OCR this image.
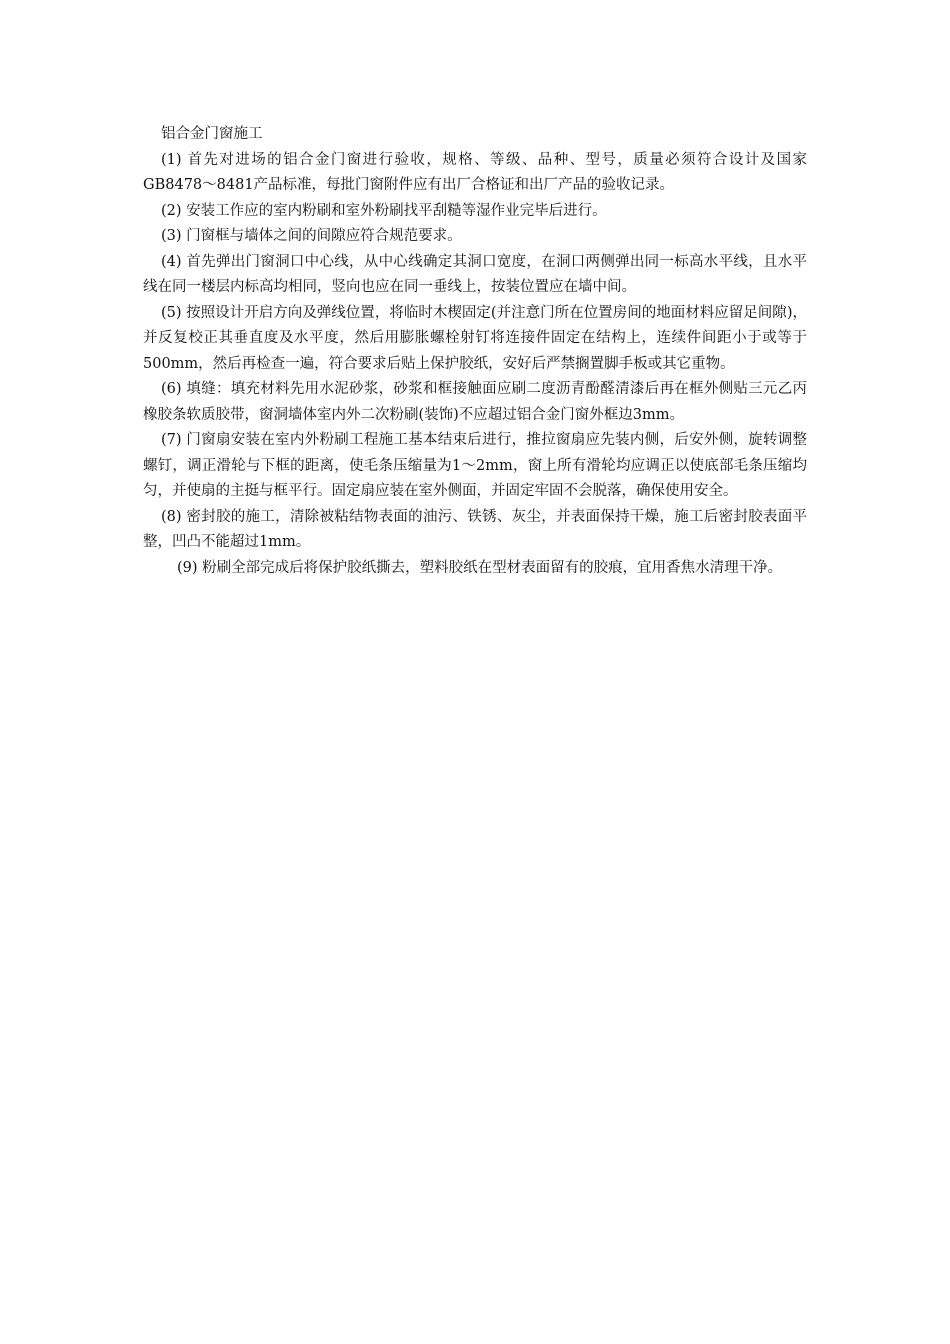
铝合金门窗施工

(1) 首先对进场的铝合金门窗进行验收，规格、等级、品种、型号，质量必须符合设计及国家GB8478～8481产品标准，每批门窗附件应有出厂合格证和出厂产品的验收记录。

(2) 安装工作应的室内粉刷和室外粉刷找平刮糙等湿作业完毕后进行。

(3) 门窗框与墙体之间的间隙应符合规范要求。

(4) 首先弹出门窗洞口中心线，从中心线确定其洞口宽度，在洞口两侧弹出同一标高水平线，且水平线在同一楼层内标高均相同，竖向也应在同一垂线上，按装位置应在墙中间。

(5) 按照设计开启方向及弹线位置，将临时木楔固定(并注意门所在位置房间的地面材料应留足间隙)，并反复校正其垂直度及水平度，然后用膨胀螺栓射钉将连接件固定在结构上，连续件间距小于或等于500mm，然后再检查一遍，符合要求后贴上保护胶纸，安好后严禁搁置脚手板或其它重物。

(6) 填缝：填充材料先用水泥砂浆，砂浆和框接触面应刷二度沥青酚醛清漆后再在框外侧贴三元乙丙橡胶条软质胶带，窗洞墙体室内外二次粉刷(装饰)不应超过铝合金门窗外框边3mm。

(7) 门窗扇安装在室内外粉刷工程施工基本结束后进行，推拉窗扇应先装内侧，后安外侧，旋转调整螺钉，调正滑轮与下框的距离，使毛条压缩量为1～2mm，窗上所有滑轮均应调正以使底部毛条压缩均匀，并使扇的主挺与框平行。固定扇应装在室外侧面，并固定牢固不会脱落，确保使用安全。

(8) 密封胶的施工，清除被粘结物表面的油污、铁锈、灰尘，并表面保持干燥，施工后密封胶表面平整，凹凸不能超过1mm。

(9) 粉刷全部完成后将保护胶纸撕去，塑料胶纸在型材表面留有的胶痕，宜用香焦水清理干净。
